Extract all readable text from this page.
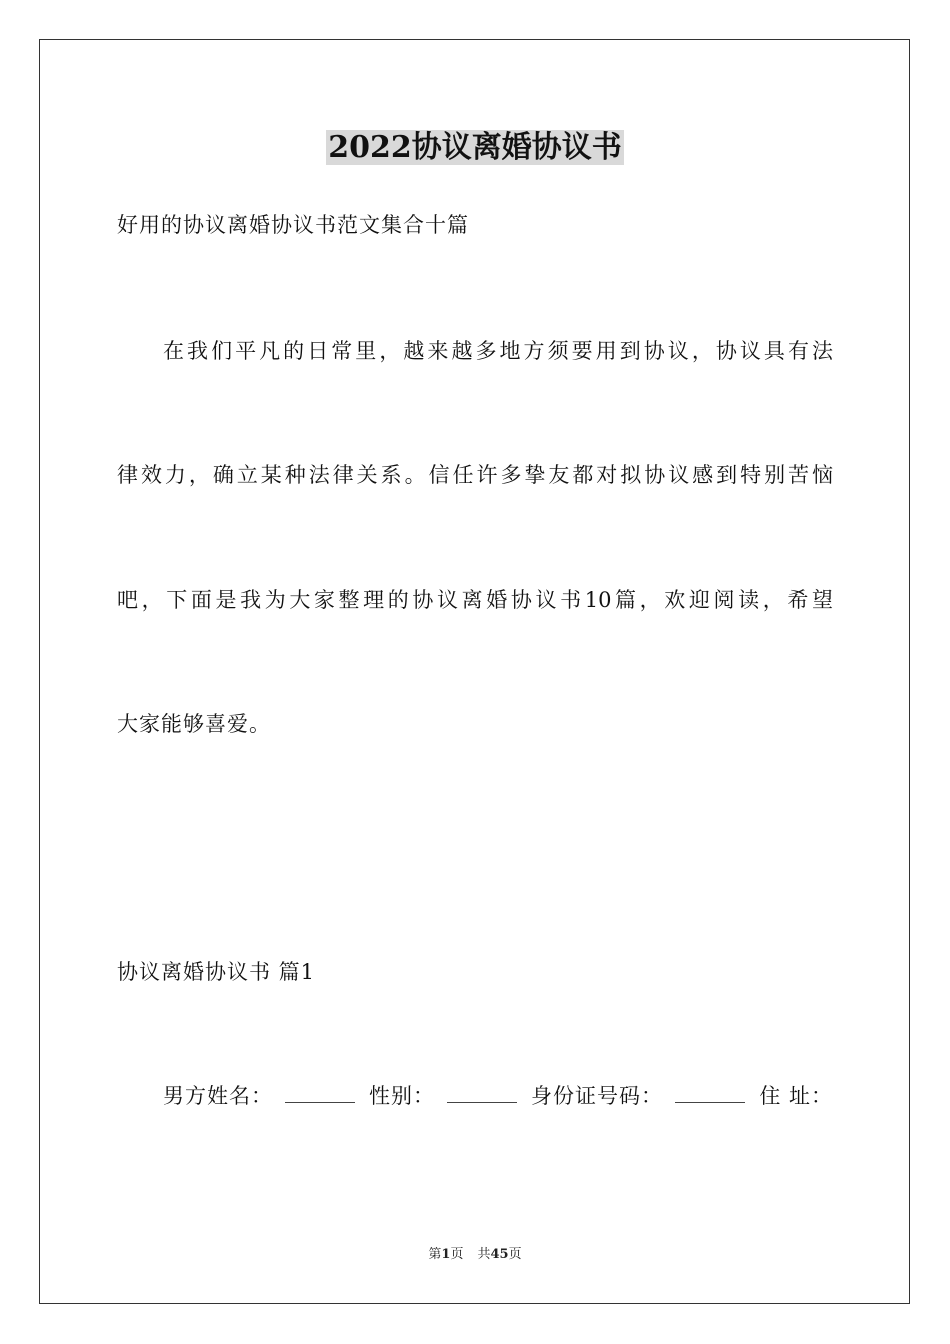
2022协议离婚协议书
好用的协议离婚协议书范文集合十篇
在我们平凡的日常里，越来越多地方须要用到协议，协议具有法
律效力，确立某种法律关系。信任许多挚友都对拟协议感到特别苦恼
吧，下面是我为大家整理的协议离婚协议书10篇，欢迎阅读，希望
大家能够喜爱。
协议离婚协议书 篇1
男方姓名：	性别：	身份证号码：	住 址：
第1页 共45页
